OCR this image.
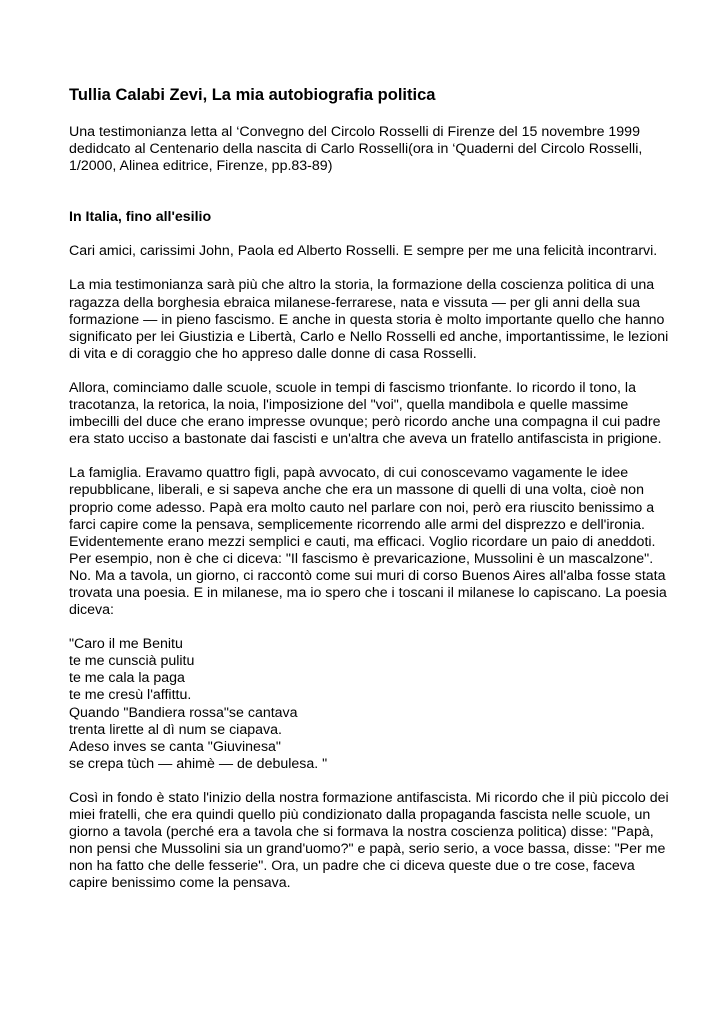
Tullia Calabi Zevi, La mia autobiografia politica

Una testimonianza letta al ‘Convegno del Circolo Rosselli di Firenze del 15 novembre 1999 dedidcato al Centenario della nascita di Carlo Rosselli(ora in ‘Quaderni del Circolo Rosselli, 1/2000, Alinea editrice, Firenze, pp.83-89)

In Italia, fino all'esilio

Cari amici, carissimi John, Paola ed Alberto Rosselli. E sempre per me una felicità incontrarvi.

La mia testimonianza sarà più che altro la storia, la formazione della coscienza politica di una ragazza della borghesia ebraica milanese-ferrarese, nata e vissuta — per gli anni della sua formazione — in pieno fascismo. E anche in questa storia è molto importante quello che hanno significato per lei Giustizia e Libertà, Carlo e Nello Rosselli ed anche, importantissime, le lezioni di vita e di coraggio che ho appreso dalle donne di casa Rosselli.

Allora, cominciamo dalle scuole, scuole in tempi di fascismo trionfante. Io ricordo il tono, la tracotanza, la retorica, la noia, l'imposizione del "voi", quella mandibola e quelle massime imbecilli del duce che erano impresse ovunque; però ricordo anche una compagna il cui padre era stato ucciso a bastonate dai fascisti e un'altra che aveva un fratello antifascista in prigione.

La famiglia. Eravamo quattro figli, papà avvocato, di cui conoscevamo vagamente le idee repubblicane, liberali, e si sapeva anche che era un massone di quelli di una volta, cioè non proprio come adesso. Papà era molto cauto nel parlare con noi, però era riuscito benissimo a farci capire come la pensava, semplicemente ricorrendo alle armi del disprezzo e dell'ironia. Evidentemente erano mezzi semplici e cauti, ma efficaci. Voglio ricordare un paio di aneddoti. Per esempio, non è che ci diceva: "Il fascismo è prevaricazione, Mussolini è un mascalzone". No. Ma a tavola, un giorno, ci raccontò come sui muri di corso Buenos Aires all'alba fosse stata trovata una poesia. E in milanese, ma io spero che i toscani il milanese lo capiscano. La poesia diceva:

"Caro il me Benitu
te me cunscià pulitu
te me cala la paga
te me cresù l'affittu.
Quando "Bandiera rossa"se cantava
trenta lirette al dì num se ciapava.
Adeso inves se canta "Giuvinesa"
se crepa tùch — ahimè — de debulesa. "

Così in fondo è stato l'inizio della nostra formazione antifascista. Mi ricordo che il più piccolo dei miei fratelli, che era quindi quello più condizionato dalla propaganda fascista nelle scuole, un giorno a tavola (perché era a tavola che si formava la nostra coscienza politica) disse: "Papà, non pensi che Mussolini sia un grand'uomo?" e papà, serio serio, a voce bassa, disse: "Per me non ha fatto che delle fesserie". Ora, un padre che ci diceva queste due o tre cose, faceva capire benissimo come la pensava.
